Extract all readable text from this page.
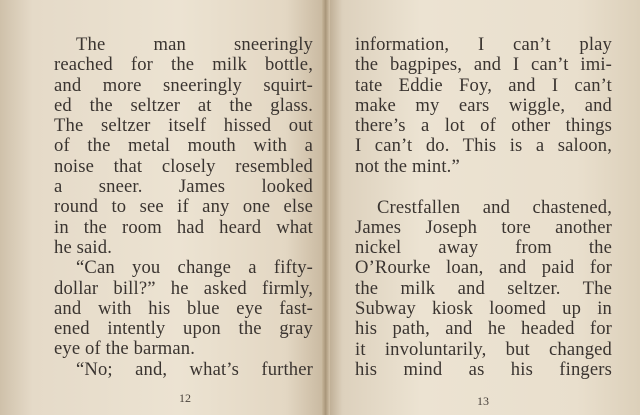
The man sneeringly
reached for the milk bottle,
and more sneeringly squirt-
ed the seltzer at the glass.
The seltzer itself hissed out
of the metal mouth with a
noise that closely resembled
a sneer. James looked
round to see if any one else
in the room had heard what
he said.
“Can you change a fifty-
dollar bill?” he asked firmly,
and with his blue eye fast-
ened intently upon the gray
eye of the barman.
“No; and, what’s further
12
information, I can’t play
the bagpipes, and I can’t imi-
tate Eddie Foy, and I can’t
make my ears wiggle, and
there’s a lot of other things
I can’t do. This is a saloon,
not the mint.”
Crestfallen and chastened,
James Joseph tore another
nickel away from the
O’Rourke loan, and paid for
the milk and seltzer. The
Subway kiosk loomed up in
his path, and he headed for
it involuntarily, but changed
his mind as his fingers
13
